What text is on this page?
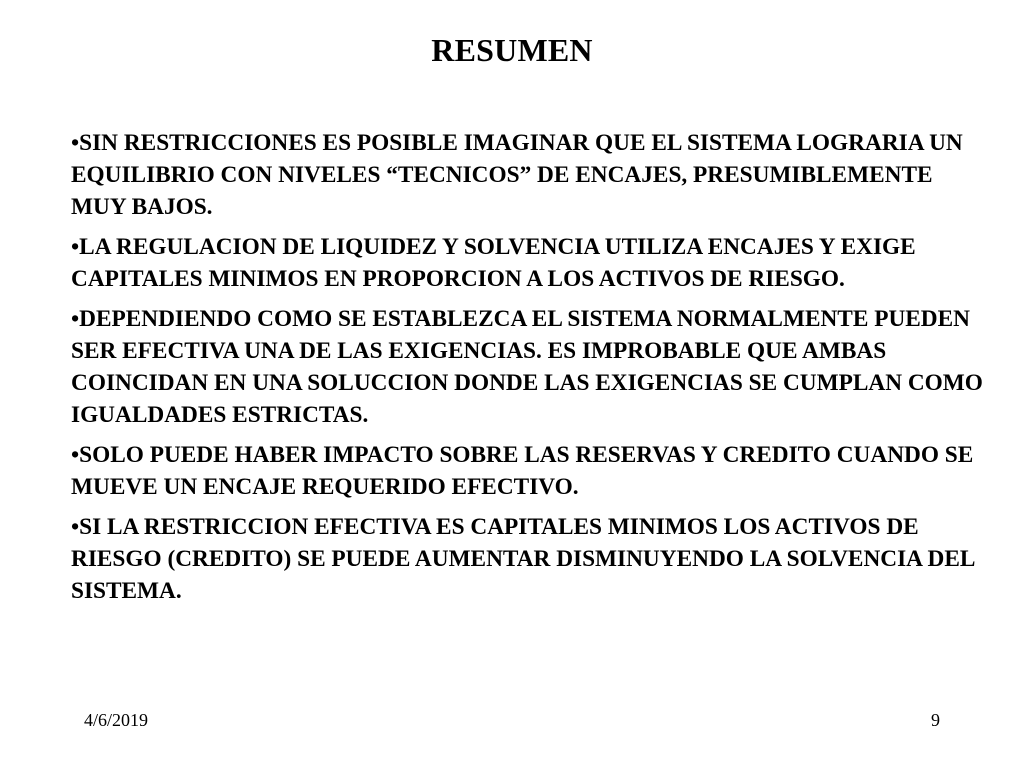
RESUMEN
•SIN RESTRICCIONES ES POSIBLE IMAGINAR QUE EL SISTEMA LOGRARIA UN EQUILIBRIO CON NIVELES “TECNICOS” DE ENCAJES, PRESUMIBLEMENTE MUY BAJOS.
•LA REGULACION DE LIQUIDEZ Y SOLVENCIA UTILIZA ENCAJES Y EXIGE CAPITALES MINIMOS EN PROPORCION A LOS ACTIVOS DE RIESGO.
•DEPENDIENDO COMO SE ESTABLEZCA EL SISTEMA NORMALMENTE PUEDEN SER EFECTIVA UNA DE LAS EXIGENCIAS. ES IMPROBABLE QUE AMBAS COINCIDAN EN UNA SOLUCCION DONDE LAS EXIGENCIAS SE CUMPLAN COMO IGUALDADES ESTRICTAS.
•SOLO PUEDE HABER IMPACTO SOBRE LAS RESERVAS Y CREDITO CUANDO SE MUEVE UN ENCAJE REQUERIDO EFECTIVO.
•SI LA RESTRICCION EFECTIVA ES CAPITALES MINIMOS LOS ACTIVOS DE RIESGO (CREDITO) SE PUEDE AUMENTAR DISMINUYENDO LA SOLVENCIA DEL SISTEMA.
4/6/2019	9
